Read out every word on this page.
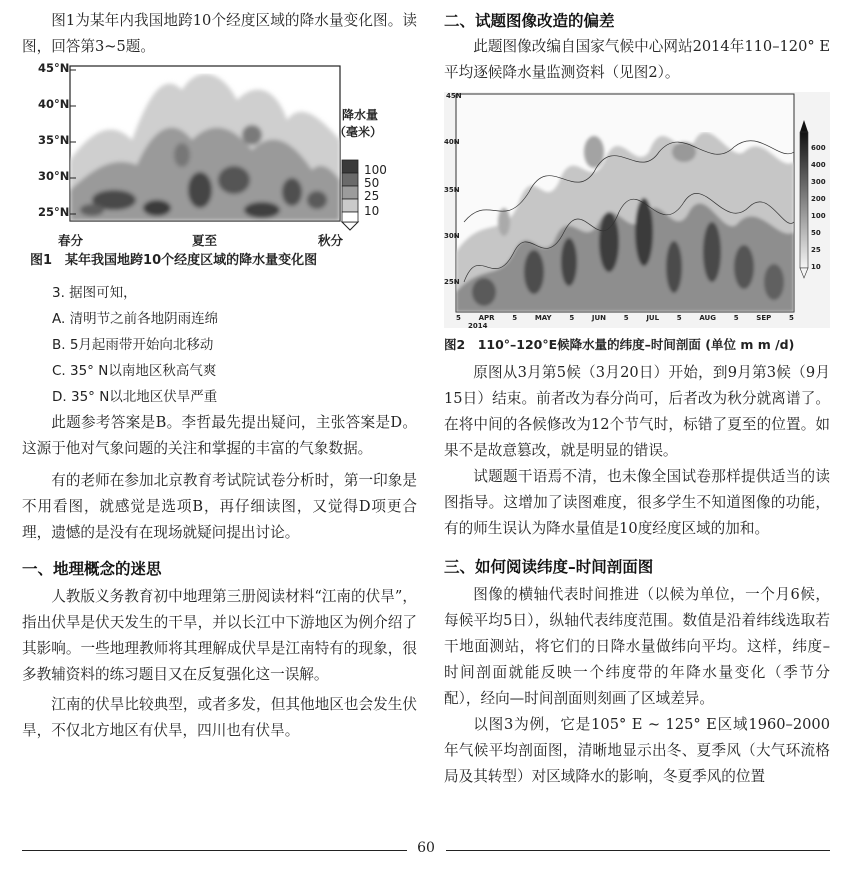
图1为某年内我国地跨10个经度区域的降水量变化图。读图，回答第3~5题。

45°N
40°N
35°N
30°N
25°N
降水量
（毫米）
100
50
25
10
春分	夏至	秋分

图1　某年我国地跨10个经度区域的降水量变化图

3. 据图可知，

A. 清明节之前各地阴雨连绵

B. 5月起雨带开始向北移动

C. 35° N以南地区秋高气爽

D. 35° N以北地区伏旱严重

此题参考答案是B。李哲最先提出疑问，主张答案是D。这源于他对气象问题的关注和掌握的丰富的气象数据。

有的老师在参加北京教育考试院试卷分析时，第一印象是不用看图，就感觉是选项B，再仔细读图，又觉得D项更合理，遗憾的是没有在现场就疑问提出讨论。

一、地理概念的迷思

人教版义务教育初中地理第三册阅读材料“江南的伏旱”，指出伏旱是伏天发生的干旱，并以长江中下游地区为例介绍了其影响。一些地理教师将其理解成伏旱是江南特有的现象，很多教辅资料的练习题目又在反复强化这一误解。

江南的伏旱比较典型，或者多发，但其他地区也会发生伏旱，不仅北方地区有伏旱，四川也有伏旱。

二、试题图像改造的偏差

此题图像改编自国家气候中心网站2014年110–120° E平均逐候降水量监测资料（见图2）。

45N
40N
35N
30N
25N
600
400
300
200
100
50
25
10
5	APR	5	MAY	5	JUN	5	JUL	5	AUG	5	SEP	5
2014

图2　110°–120°E候降水量的纬度–时间剖面 (单位 m m /d)

原图从3月第5候（3月20日）开始，到9月第3候（9月15日）结束。前者改为春分尚可，后者改为秋分就离谱了。在将中间的各候修改为12个节气时，标错了夏至的位置。如果不是故意篡改，就是明显的错误。

试题题干语焉不清，也未像全国试卷那样提供适当的读图指导。这增加了读图难度，很多学生不知道图像的功能，有的师生误认为降水量值是10度经度区域的加和。

三、如何阅读纬度–时间剖面图

图像的横轴代表时间推进（以候为单位，一个月6候，每候平均5日），纵轴代表纬度范围。数值是沿着纬线选取若干地面测站，将它们的日降水量做纬向平均。这样，纬度–时间剖面就能反映一个纬度带的年降水量变化（季节分配），经向—时间剖面则刻画了区域差异。

以图3为例，它是105° E ~ 125° E区域1960–2000年气候平均剖面图，清晰地显示出冬、夏季风（大气环流格局及其转型）对区域降水的影响，冬夏季风的位置

60
